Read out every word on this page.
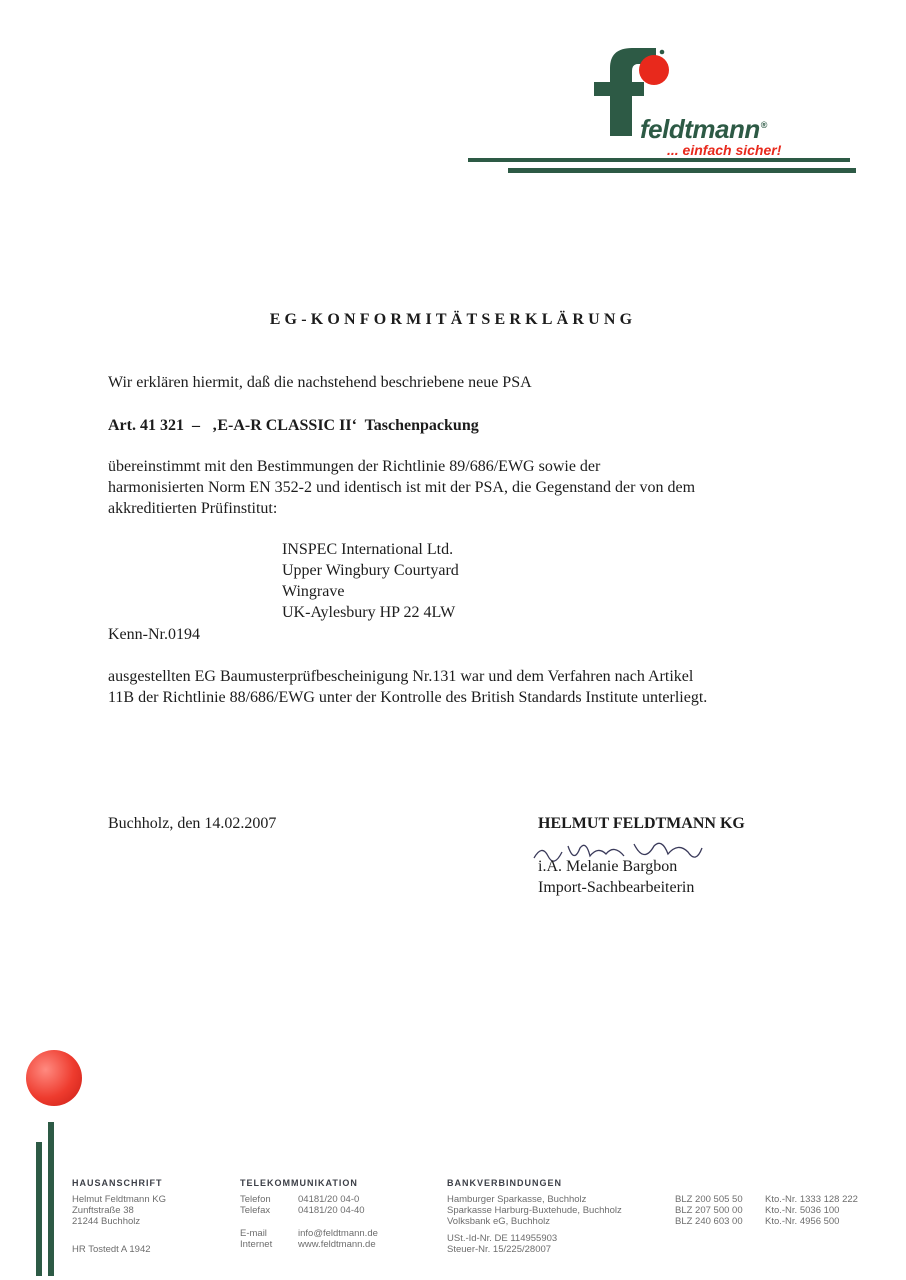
feldtmann®
... einfach sicher!
EG-KONFORMITÄTSERKLÄRUNG
Wir erklären hiermit, daß die nachstehend beschriebene neue PSA
Art. 41 321  –   ‚E-A-R CLASSIC II‘  Taschenpackung
übereinstimmt mit den Bestimmungen der Richtlinie 89/686/EWG sowie der
harmonisierten Norm EN 352-2 und identisch ist mit der PSA, die Gegenstand der von dem
akkreditierten Prüfinstitut:
INSPEC International Ltd.
Upper Wingbury Courtyard
Wingrave
UK-Aylesbury HP 22 4LW
Kenn-Nr.0194
ausgestellten EG Baumusterprüfbescheinigung Nr.131 war und dem Verfahren nach Artikel
11B der Richtlinie 88/686/EWG unter der Kontrolle des British Standards Institute unterliegt.
Buchholz, den 14.02.2007	HELMUT FELDTMANN KG
i.A. Melanie Bargbon
Import-Sachbearbeiterin
HAUSANSCHRIFT
Helmut Feldtmann KG
Zunftstraße 38
21244 Buchholz
HR Tostedt A 1942
TELEKOMMUNIKATION
Telefon	04181/20 04-0
Telefax	04181/20 04-40
E-mail	info@feldtmann.de
Internet	www.feldtmann.de
BANKVERBINDUNGEN
Hamburger Sparkasse, Buchholz	BLZ 200 505 50	Kto.-Nr. 1333 128 222
Sparkasse Harburg-Buxtehude, Buchholz	BLZ 207 500 00	Kto.-Nr. 5036 100
Volksbank eG, Buchholz	BLZ 240 603 00	Kto.-Nr. 4956 500
USt.-Id-Nr. DE 114955903
Steuer-Nr. 15/225/28007
